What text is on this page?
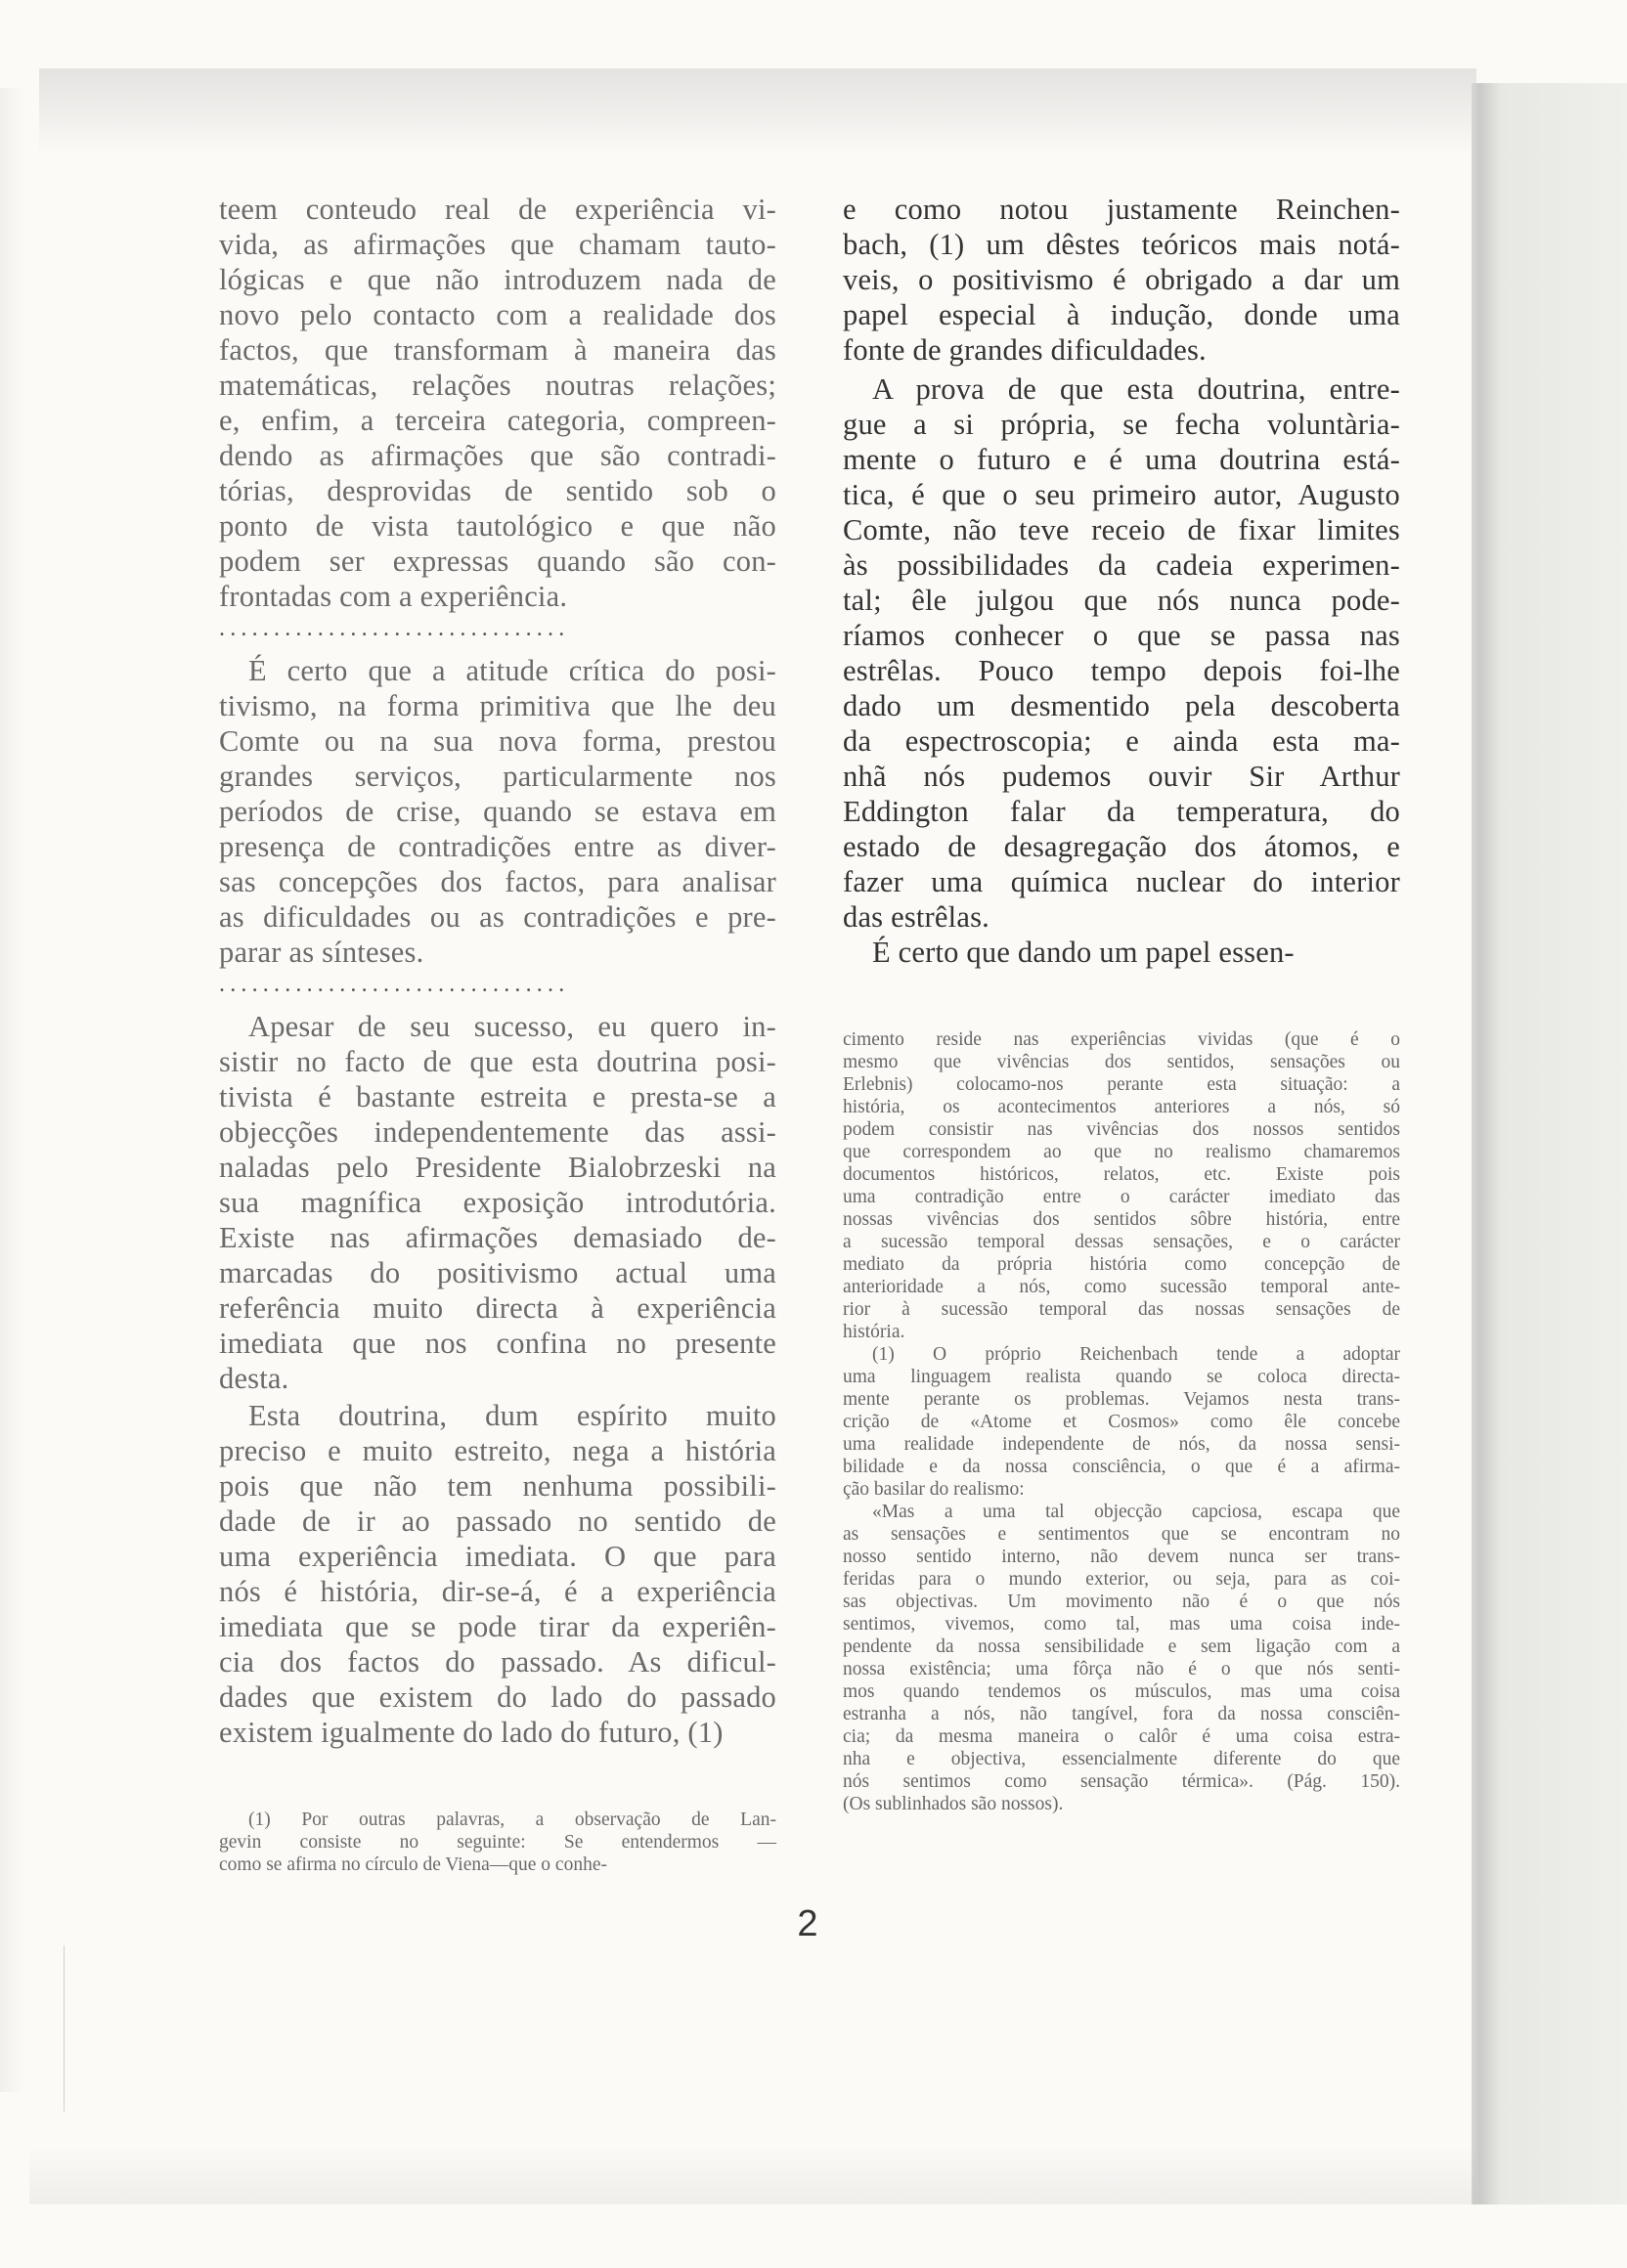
teem conteudo real de experiência vi-
vida, as afirmações que chamam tauto-
lógicas e que não introduzem nada de
novo pelo contacto com a realidade dos
factos, que transformam à maneira das
matemáticas, relações noutras relações;
e, enfim, a terceira categoria, compreen-
dendo as afirmações que são contradi-
tórias, desprovidas de sentido sob o
ponto de vista tautológico e que não
podem ser expressas quando são con-
frontadas com a experiência.
................................
É certo que a atitude crítica do posi-
tivismo, na forma primitiva que lhe deu
Comte ou na sua nova forma, prestou
grandes serviços, particularmente nos
períodos de crise, quando se estava em
presença de contradições entre as diver-
sas concepções dos factos, para analisar
as dificuldades ou as contradições e pre-
parar as sínteses.
................................
Apesar de seu sucesso, eu quero in-
sistir no facto de que esta doutrina posi-
tivista é bastante estreita e presta-se a
objecções independentemente das assi-
naladas pelo Presidente Bialobrzeski na
sua magnífica exposição introdutória.
Existe nas afirmações demasiado de-
marcadas do positivismo actual uma
referência muito directa à experiência
imediata que nos confina no presente
desta.
Esta doutrina, dum espírito muito
preciso e muito estreito, nega a história
pois que não tem nenhuma possibili-
dade de ir ao passado no sentido de
uma experiência imediata. O que para
nós é história, dir-se-á, é a experiência
imediata que se pode tirar da experiên-
cia dos factos do passado. As dificul-
dades que existem do lado do passado
existem igualmente do lado do futuro, (1)
(1) Por outras palavras, a observação de Lan-
gevin consiste no seguinte: Se entendermos —
como se afirma no círculo de Viena—que o conhe-
e como notou justamente Reinchen-
bach, (1) um dêstes teóricos mais notá-
veis, o positivismo é obrigado a dar um
papel especial à indução, donde uma
fonte de grandes dificuldades.
A prova de que esta doutrina, entre-
gue a si própria, se fecha voluntària-
mente o futuro e é uma doutrina está-
tica, é que o seu primeiro autor, Augusto
Comte, não teve receio de fixar limites
às possibilidades da cadeia experimen-
tal; êle julgou que nós nunca pode-
ríamos conhecer o que se passa nas
estrêlas. Pouco tempo depois foi-lhe
dado um desmentido pela descoberta
da espectroscopia; e ainda esta ma-
nhã nós pudemos ouvir Sir Arthur
Eddington falar da temperatura, do
estado de desagregação dos átomos, e
fazer uma química nuclear do interior
das estrêlas.
É certo que dando um papel essen-
cimento reside nas experiências vividas (que é o
mesmo que vivências dos sentidos, sensações ou
Erlebnis) colocamo-nos perante esta situação: a
história, os acontecimentos anteriores a nós, só
podem consistir nas vivências dos nossos sentidos
que correspondem ao que no realismo chamaremos
documentos históricos, relatos, etc. Existe pois
uma contradição entre o carácter imediato das
nossas vivências dos sentidos sôbre história, entre
a sucessão temporal dessas sensações, e o carácter
mediato da própria história como concepção de
anterioridade a nós, como sucessão temporal ante-
rior à sucessão temporal das nossas sensações de
história.
(1) O próprio Reichenbach tende a adoptar
uma linguagem realista quando se coloca directa-
mente perante os problemas. Vejamos nesta trans-
crição de «Atome et Cosmos» como êle concebe
uma realidade independente de nós, da nossa sensi-
bilidade e da nossa consciência, o que é a afirma-
ção basilar do realismo:
«Mas a uma tal objecção capciosa, escapa que
as sensações e sentimentos que se encontram no
nosso sentido interno, não devem nunca ser trans-
feridas para o mundo exterior, ou seja, para as coi-
sas objectivas. Um movimento não é o que nós
sentimos, vivemos, como tal, mas uma coisa inde-
pendente da nossa sensibilidade e sem ligação com a
nossa existência; uma fôrça não é o que nós senti-
mos quando tendemos os músculos, mas uma coisa
estranha a nós, não tangível, fora da nossa consciên-
cia; da mesma maneira o calôr é uma coisa estra-
nha e objectiva, essencialmente diferente do que
nós sentimos como sensação térmica». (Pág. 150).
(Os sublinhados são nossos).
2
